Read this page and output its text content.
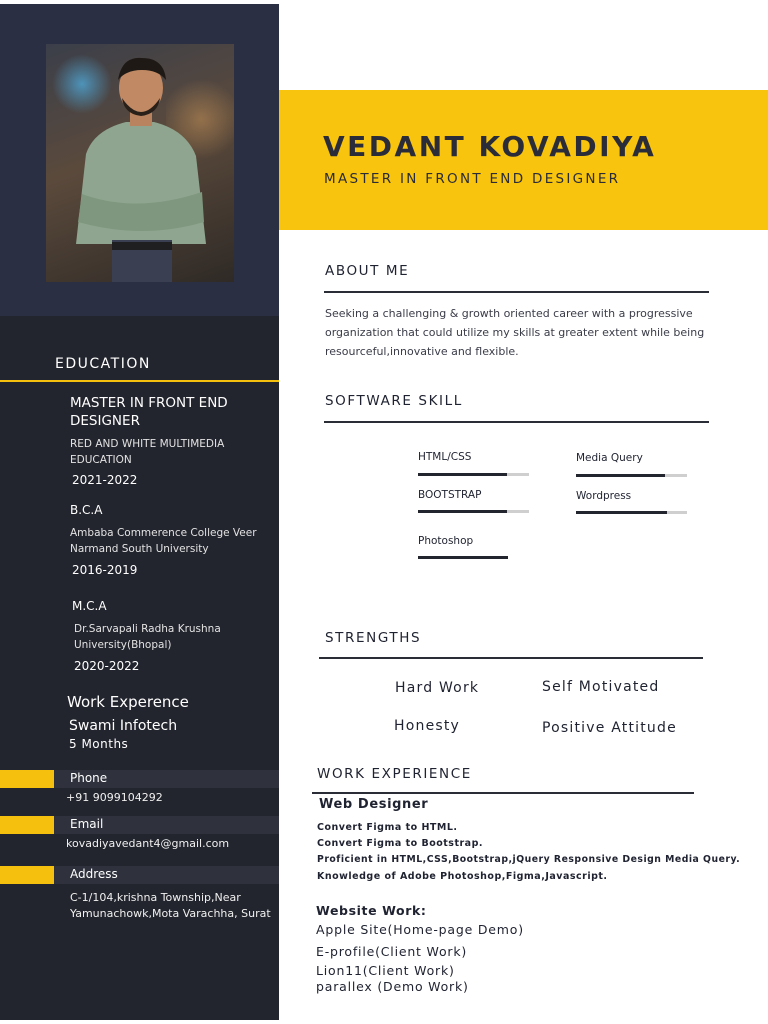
EDUCATION
MASTER IN FRONT END DESIGNER
RED AND WHITE MULTIMEDIA EDUCATION
2021-2022
B.C.A
Ambaba Commerence College Veer Narmand South University
2016-2019
M.C.A
Dr.Sarvapali Radha Krushna University(Bhopal)
2020-2022
Work Experence
Swami Infotech
5 Months
Phone
+91 9099104292
Email
kovadiyavedant4@gmail.com
Address
C-1/104,krishna Township,Near Yamunachowk,Mota Varachha, Surat
VEDANT KOVADIYA
MASTER IN FRONT END DESIGNER
ABOUT ME
Seeking a challenging & growth oriented career with a progressive organization that could utilize my skills at greater extent while being resourceful,innovative and flexible.
SOFTWARE SKILL
HTML/CSS	Media Query
BOOTSTRAP	Wordpress
Photoshop
STRENGTHS
Hard Work	Self Motivated
Honesty	Positive Attitude
WORK EXPERIENCE
Web Designer
Convert Figma to HTML.
Convert Figma to Bootstrap.
Proficient in HTML,CSS,Bootstrap,jQuery Responsive Design Media Query.
Knowledge of Adobe Photoshop,Figma,Javascript.
Website Work:
Apple Site(Home-page Demo)
E-profile(Client Work)
Lion11(Client Work)
parallex (Demo Work)
